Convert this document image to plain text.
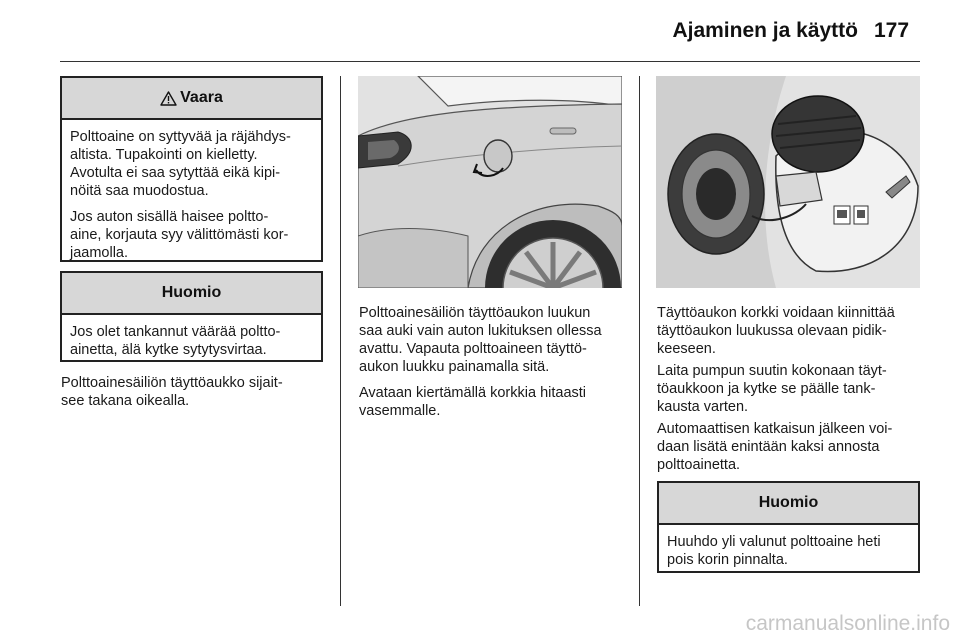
Ajaminen ja käyttö 177
Vaara

Polttoaine on syttyvää ja räjähdys-
altista. Tupakointi on kielletty.
Avotulta ei saa sytyttää eikä kipi-
nöitä saa muodostua.

Jos auton sisällä haisee poltto-
aine, korjauta syy välittömästi kor-
jaamolla.

Huomio

Jos olet tankannut väärää poltto-
ainetta, älä kytke sytytysvirtaa.

Polttoainesäiliön täyttöaukko sijait-
see takana oikealla.

Polttoainesäiliön täyttöaukon luukun
saa auki vain auton lukituksen ollessa
avattu. Vapauta polttoaineen täyttö-
aukon luukku painamalla sitä.

Avataan kiertämällä korkkia hitaasti
vasemmalle.

Täyttöaukon korkki voidaan kiinnittää
täyttöaukon luukussa olevaan pidik-
keeseen.

Laita pumpun suutin kokonaan täyt-
töaukkoon ja kytke se päälle tank-
kausta varten.

Automaattisen katkaisun jälkeen voi-
daan lisätä enintään kaksi annosta
polttoainetta.

Huomio

Huuhdo yli valunut polttoaine heti
pois korin pinnalta.

carmanualsonline.info
